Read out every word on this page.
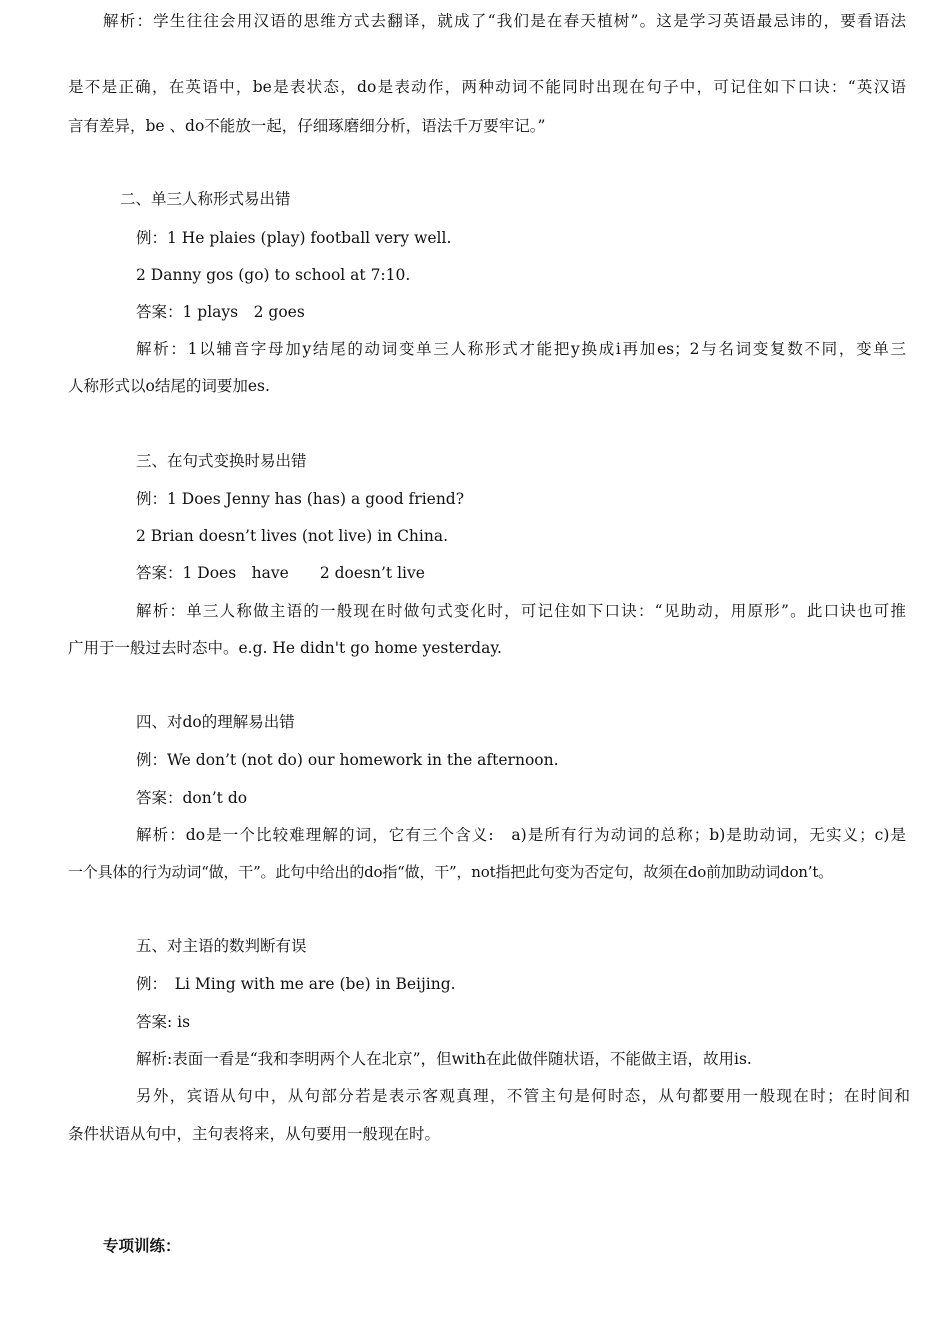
解析：学生往往会用汉语的思维方式去翻译，就成了“我们是在春天植树”。这是学习英语最忌讳的，要看语法
是不是正确，在英语中，be是表状态，do是表动作，两种动词不能同时出现在句子中，可记住如下口诀：“英汉语
言有差异，be 、do不能放一起，仔细琢磨细分析，语法千万要牢记。”
二、单三人称形式易出错
例：1 He plaies (play) football very well.
2 Danny gos (go) to school at 7:10.
答案：1 plays　2 goes
解析：1以辅音字母加y结尾的动词变单三人称形式才能把y换成i再加es；2与名词变复数不同，变单三
人称形式以o结尾的词要加es.
三、在句式变换时易出错
例：1 Does Jenny has (has) a good friend?
2 Brian doesn’t lives (not live) in China.
答案：1 Does　have　　2 doesn’t live
解析：单三人称做主语的一般现在时做句式变化时，可记住如下口诀：“见助动，用原形”。此口诀也可推
广用于一般过去时态中。e.g. He didn't go home yesterday.
四、对do的理解易出错
例：We don’t (not do) our homework in the afternoon.
答案：don’t do
解析：do是一个比较难理解的词，它有三个含义:　a)是所有行为动词的总称；b)是助动词，无实义；c)是
一个具体的行为动词“做，干”。此句中给出的do指“做，干”，not指把此句变为否定句，故须在do前加助动词don’t。
五、对主语的数判断有误
例：　Li Ming with me are (be) in Beijing.
答案: is
解析:表面一看是“我和李明两个人在北京”，但with在此做伴随状语，不能做主语，故用is.
另外，宾语从句中，从句部分若是表示客观真理，不管主句是何时态，从句都要用一般现在时；在时间和
条件状语从句中，主句表将来，从句要用一般现在时。
专项训练：
